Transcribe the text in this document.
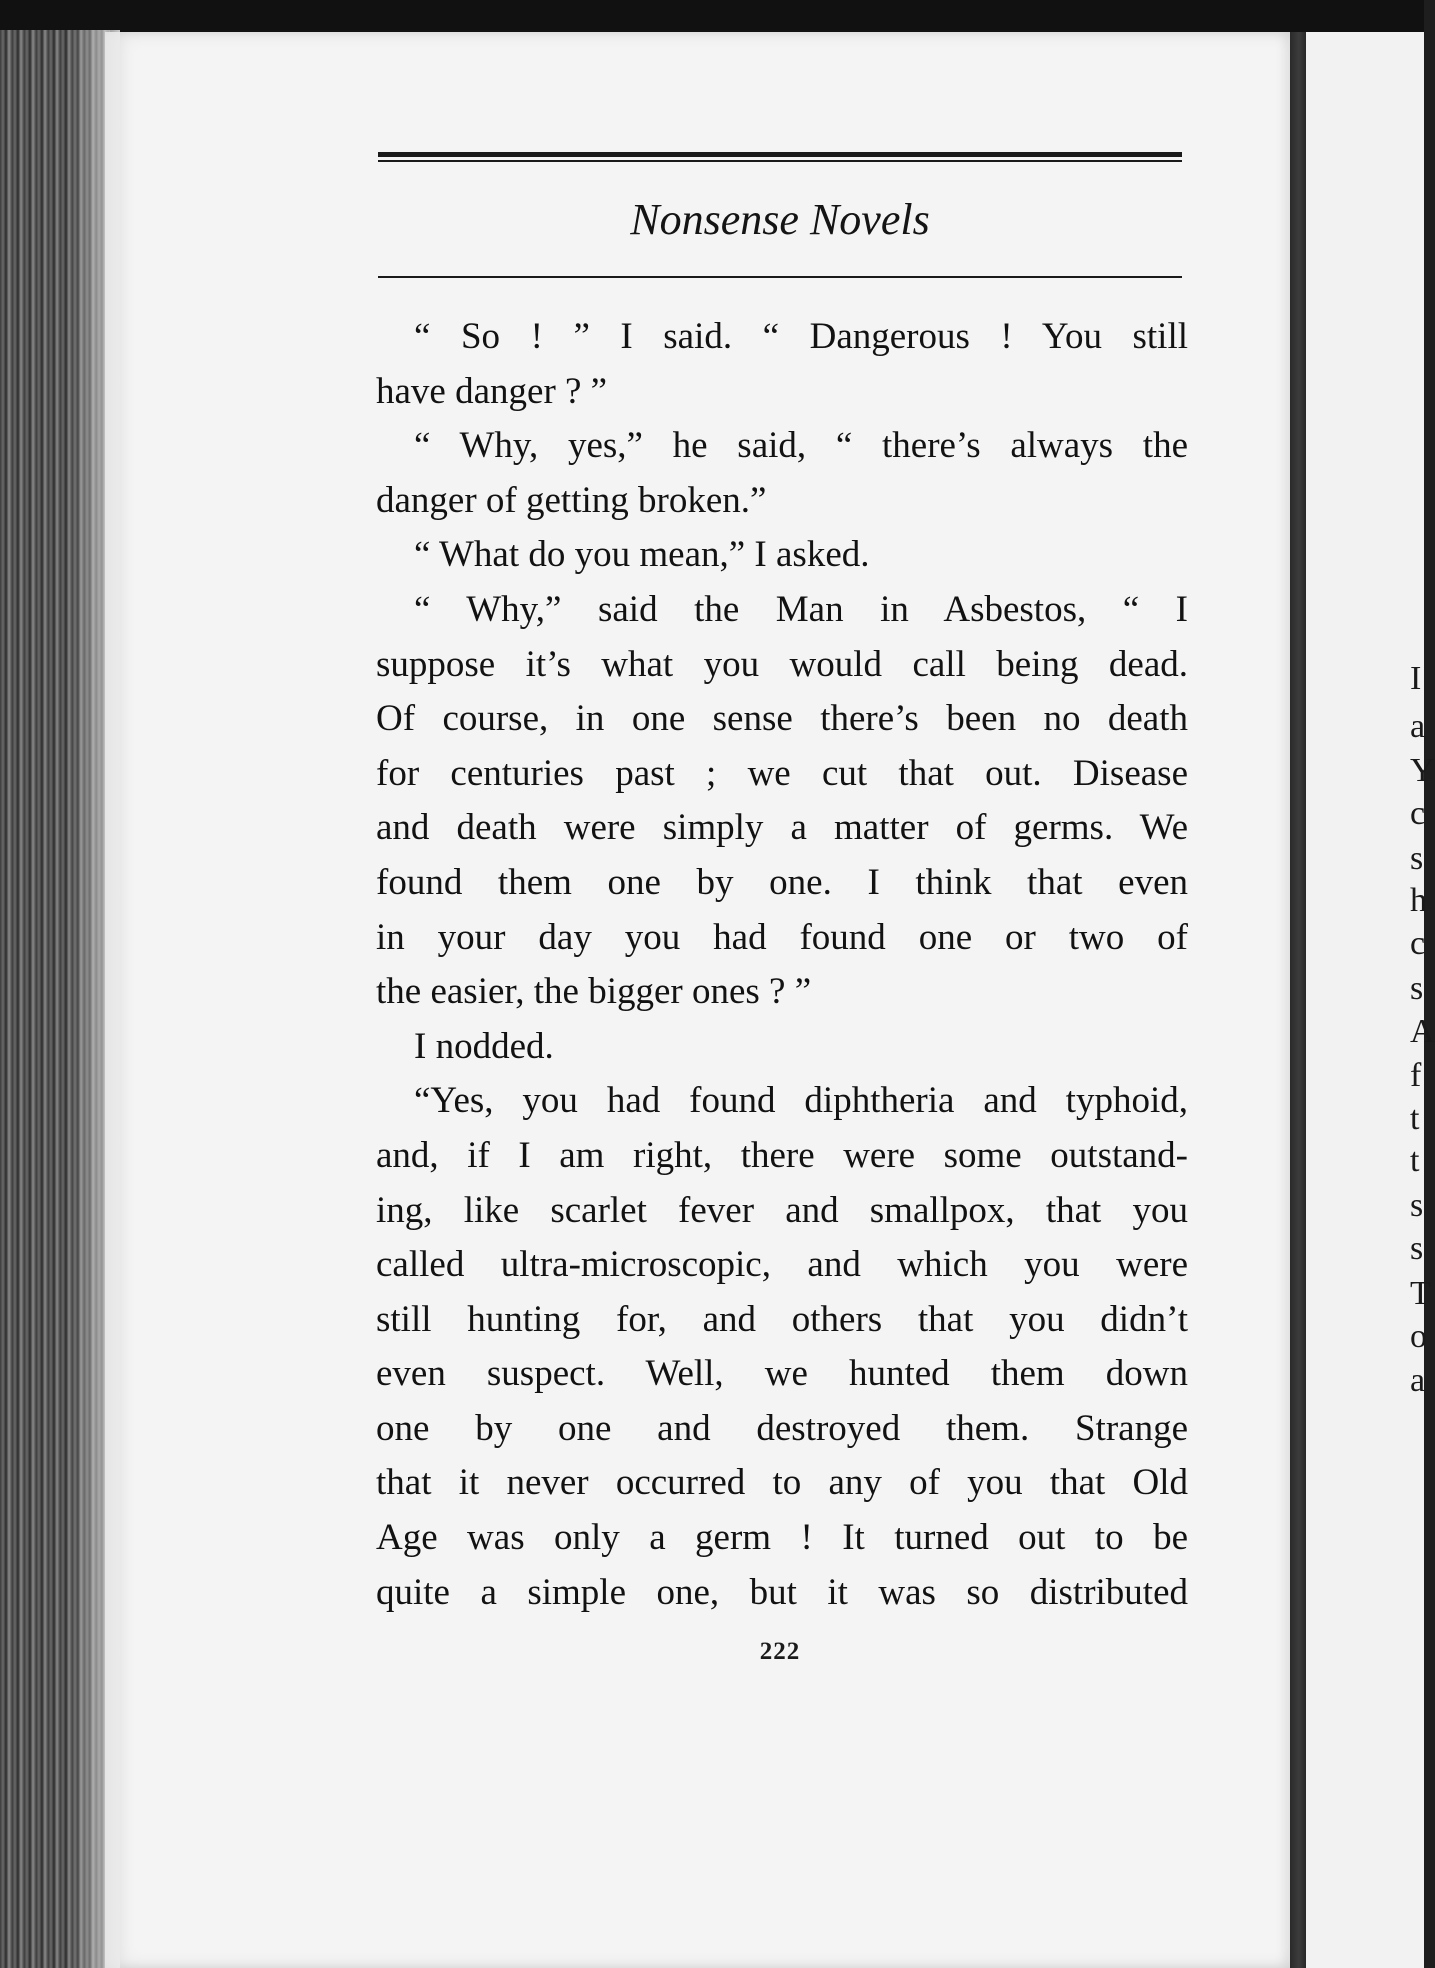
I
a
Y
c
s
h
c
s
A
f
t
t
s
s
T
o
a
Nonsense Novels
“ So ! ” I said. “ Dangerous ! You still
have danger ? ”
“ Why, yes,” he said, “ there’s always the
danger of getting broken.”
“ What do you mean,” I asked.
“ Why,” said the Man in Asbestos, “ I
suppose it’s what you would call being dead.
Of course, in one sense there’s been no death
for centuries past ; we cut that out. Disease
and death were simply a matter of germs. We
found them one by one. I think that even
in your day you had found one or two of
the easier, the bigger ones ? ”
I nodded.
“Yes, you had found diphtheria and typhoid,
and, if I am right, there were some outstand-
ing, like scarlet fever and smallpox, that you
called ultra-microscopic, and which you were
still hunting for, and others that you didn’t
even suspect. Well, we hunted them down
one by one and destroyed them. Strange
that it never occurred to any of you that Old
Age was only a germ ! It turned out to be
quite a simple one, but it was so distributed
222
